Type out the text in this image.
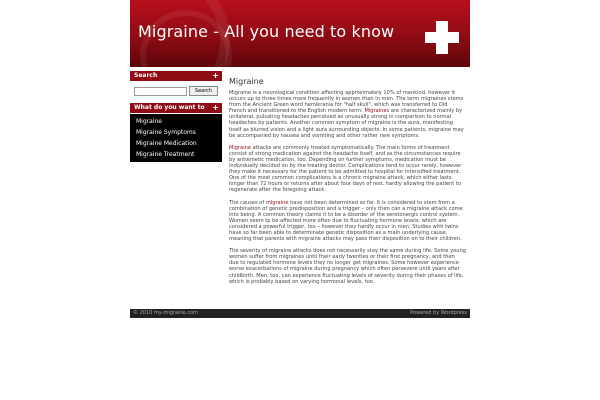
Migraine - All you need to know
Search	+
Search
What do you want to +
Migraine
Migraine Symptoms
Migraine Medication
Migraine Treatment
Migraine

Migraine is a neurological condition affecting approximately 10% of mankind, however it occurs up to three times more frequently in women than in men. The term migraines stems from the Ancient Green word hemikrania for "half skull", which was transferred to Old French and transitioned to the English modern term: Migraines are characterized mainly by unilateral, pulsating headaches perceived as unusually strong in comparison to normal headaches by patients. Another common symptom of migraine is the aura, manifesting itself as blurred vision and a light aura surrounding objects. In some patients, migraine may be accompanied by nausea and vomiting and other rather rare symptoms.

Migraine attacks are commonly treated symptomatically. The main forms of treatment consist of strong medication against the headache itself, and as the circumstances require by antiemetic medication, too. Depending on further symptoms, medication must be individually decided on by the treating doctor. Complications tend to occur rarely, however they make it necessary for the patient to be admitted to hospital for intensified treatment. One of the most common complications is a chronic migraine attack, which either lasts longer than 72 hours or returns after about four days of rest, hardly allowing the patient to regenerate after the foregoing attack.

The causes of migraine have not been determined so far. It is considered to stem from a combination of genetic predisposition and a trigger – only then can a migraine attack come into being. A common theory claims it to be a disorder of the serotonergic control system. Women seem tp be affected more often due to fluctuating hormone levels, which are considered a powerful trigger, too – however they hardly occur in men. Studies with twins have so far been able to determinate genetic disposition as a main underlying cause, meaning that parents with migraine attacks may pass their disposition on to their children.

The severity of migraine attacks does not necessarily stay the same during life. Some young women suffer from migraines until their early twenties or their first pregnancy, and then due to regulated hormone levels they no longer get migraines. Some however experience worse exacerbations of migraine during pregnancy which often persevere until years after childbirth. Men, too, can experience fluctuating levels of severity during their phases of life, which is probably based on varying hormonal levels, too.

© 2010 my-migraine.com	Powered by Wordpress
